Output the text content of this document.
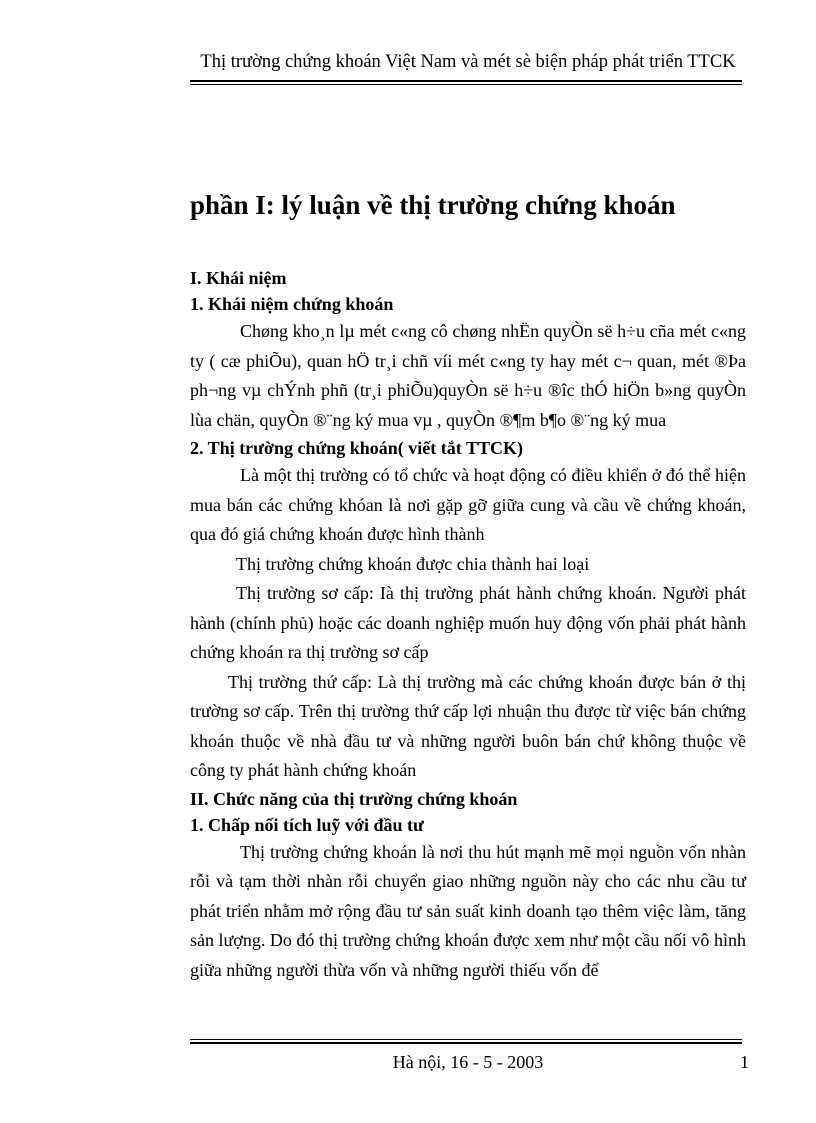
Thị trường chứng khoán Việt Nam và mét sè biện pháp phát triển TTCK
phần I: lý luận về thị trường chứng khoán

I. Khái niệm

1. Khái niệm chứng khoán

Chøng kho¸n lµ mét c«ng cô chøng nhËn quyÒn së h÷u cña mét c«ng ty ( cæ phiÕu), quan hÖ tr¸i chñ víi mét c«ng ty hay mét c¬ quan, mét ®Þa ph¬ng vµ chÝnh phñ (tr¸i phiÕu)quyÒn së h÷u ®îc thÓ hiÖn b»ng quyÒn lùa chän, quyÒn ®¨ng ký mua vµ , quyÒn ®¶m b¶o ®¨ng ký mua

2. Thị trường chứng khoán( viết tắt TTCK)

Là một thị trường có tổ chức và hoạt động có điều khiển ở đó thể hiện mua bán các chứng khóan là nơi gặp gỡ giữa cung và cầu về chứng khoán, qua đó giá chứng khoán được hình thành

Thị trường chứng khoán được chia thành hai loại

Thị trường sơ cấp: Ià thị trường phát hành chứng khoán. Người phát hành (chính phủ) hoặc các doanh nghiệp muốn huy động vốn phải phát hành chứng khoán ra thị trường sơ cấp

Thị trường thứ cấp: Là thị trường mà các chứng khoán được bán ở thị trường sơ cấp. Trên thị trường thứ cấp lợi nhuận thu được từ việc bán chứng khoán thuộc về nhà đầu tư và những người buôn bán chứ không thuộc về công ty phát hành chứng khoán

II. Chức năng của thị trường chứng khoán

1. Chấp nối tích luỹ với đầu tư

Thị trường chứng khoán là nơi thu hút mạnh mẽ mọi nguồn vốn nhàn rỗi và tạm thời nhàn rỗi chuyển giao những nguồn này cho các nhu cầu tư phát triển nhằm mở rộng đầu tư sản suất kinh doanh tạo thêm việc làm, tăng sản lượng. Do đó thị trường chứng khoán được xem như một cầu nối vô hình giữa những người thừa vốn và những người thiếu vốn để

Hà nội, 16 - 5 - 2003	1
